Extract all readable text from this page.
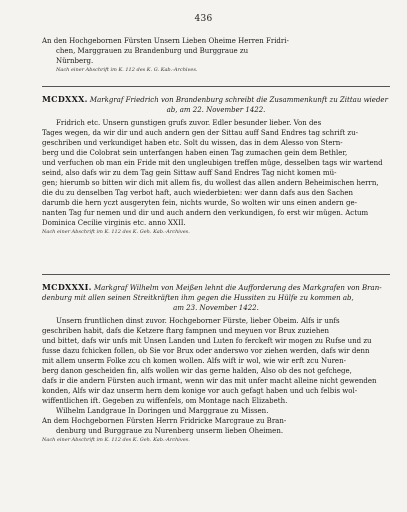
436
An den Hochgebornen Fürsten Unsern Lieben Oheime Herren Fridri-
chen, Marggrauen zu Brandenburg und Burggraue zu
Nürnberg.
Nach einer Abschrift im K. 112 des K. G. Kab.-Archives.
MCDXXX. Markgraf Friedrich von Brandenburg schreibt die Zusammenkunft zu Zittau wieder
ab, am 22. November 1422.
Fridrich etc. Unsern gunstigen grufs zuvor. Edler besunder lieber. Von des
Tages wegen, da wir dir und auch andern gen der Sittau auff Sand Endres tag schrift zu-
geschriben und verkundiget haben etc. Solt du wissen, das in dem Alesso von Stern-
berg und die Colobrat sein unterfangen haben einen Tag zumachen gein dem Bethler,
und verfuchen ob man ein Fride mit den ungleubigen treffen müge, desselben tags wir wartend
seind, also dafs wir zu dem Tag gein Sittaw auff Sand Endres Tag nicht komen mü-
gen; hierumb so bitten wir dich mit allem fis, du wollest das allen andern Beheimischen herrn,
die du zu denselben Tag verbot haft, auch wiederbieten: wer dann dafs aus den Sachen
darumb die hern yczt ausgeryten fein, nichts wurde, So wolten wir uns einen andern ge-
nanten Tag fur nemen und dir und auch andern den verkundigen, fo erst wir mügen. Actum
Dominica Cecilie virginis etc. anno XXII.
Nach einer Abschrift im K. 112 des K. Geh. Kab.-Archives.
MCDXXXI. Markgraf Wilhelm von Meißen lehnt die Aufforderung des Markgrafen von Bran-
denburg mit allen seinen Streitkräften ihm gegen die Hussiten zu Hülfe zu kommen ab,
am 23. November 1422.
Unsern fruntlichen dinst zuvor. Hochgeborner Fürste, lieber Obeim. Alfs ir unfs
geschriben habit, dafs die Ketzere ftarg fampnen und meyuen vor Brux zuziehen
und bittet, dafs wir unfs mit Unsen Landen und Luten fo ferckeft wir mogen zu Rufse und zu
fusse dazu fchicken follen, ob Sie vor Brux oder anderswo vor ziehen werden, dafs wir denn
mit allem unserm Folke zcu ch komen wollen. Alfs wift ir wol, wie wir erft zcu Nuren-
berg danon gescheiden fin, alfs wollen wir das gerne halden, Also ob des not gefchege,
dafs ir die andern Fürsten auch irmant, wenn wir das mit unfer macht alleine nicht gewenden
konden, Alfs wir daz unserm hern dem konige vor auch gefagt haben und uch felbis wol-
wiffentlichen ift. Gegeben zu wiffenfels, om Montage nach Elizabeth.
Wilhelm Landgraue In Doringen und Marggraue zu Missen.
An dem Hochgebornen Fürsten Herrn Fridricke Marcgraue zu Bran-
denburg und Burggraue zu Nurenberg unserm lieben Oheimen.
Nach einer Abschrift im K. 112 des K. Geh. Kab.-Archives.
